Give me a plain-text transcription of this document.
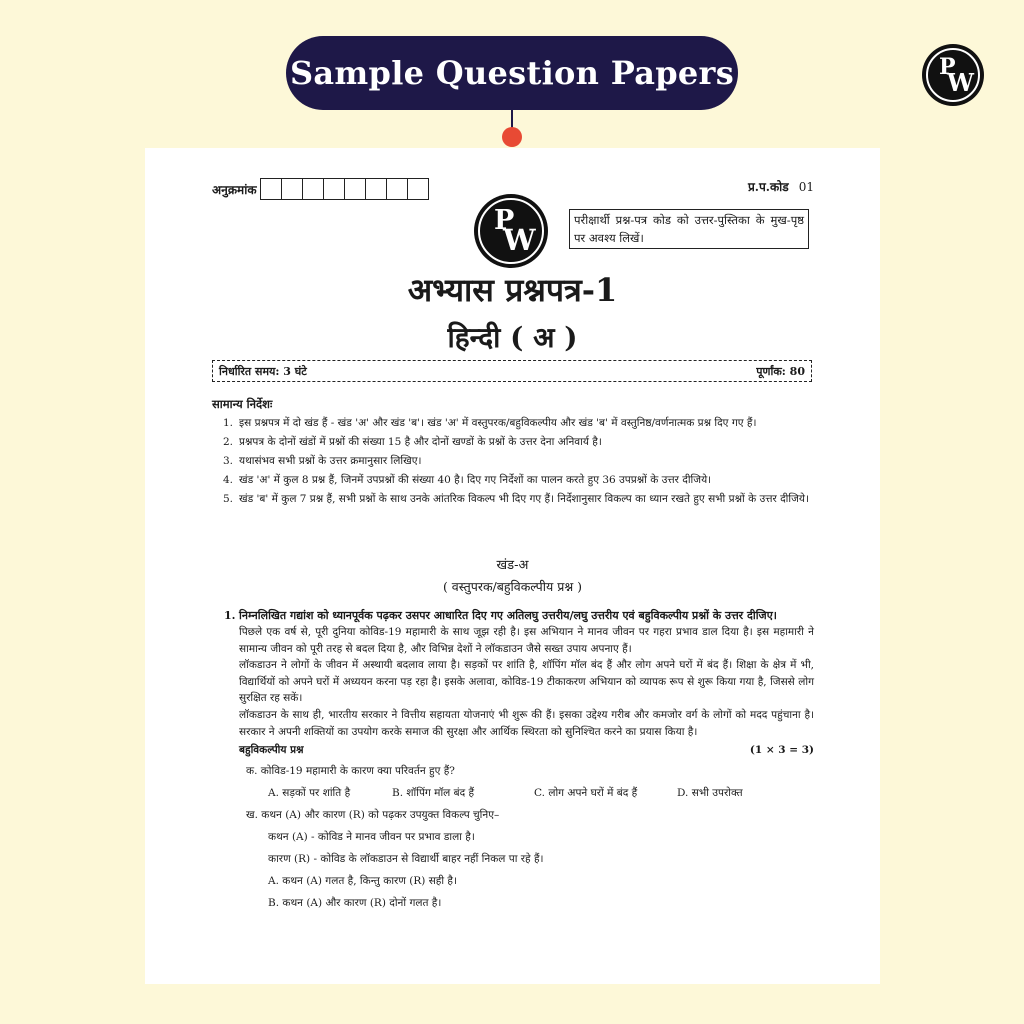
Sample Question Papers	P
W
अनुक्रमांक	प्र.प.कोड 01
P
W
परीक्षार्थी प्रश्न-पत्र कोड को उत्तर-पुस्तिका के मुख-पृष्ठ पर अवश्य लिखें।
अभ्यास प्रश्नपत्र-1
हिन्दी ( अ )
निर्धारित समय: 3 घंटे	पूर्णांक: 80
सामान्य निर्देशः
1. इस प्रश्नपत्र में दो खंड हैं - खंड 'अ' और खंड 'ब'। खंड 'अ' में वस्तुपरक/बहुविकल्पीय और खंड 'ब' में वस्तुनिष्ठ/वर्णनात्मक प्रश्न दिए गए हैं।
2. प्रश्नपत्र के दोनों खंडों में प्रश्नों की संख्या 15 है और दोनों खण्डों के प्रश्नों के उत्तर देना अनिवार्य है।
3. यथासंभव सभी प्रश्नों के उत्तर क्रमानुसार लिखिए।
4. खंड 'अ' में कुल 8 प्रश्न हैं, जिनमें उपप्रश्नों की संख्या 40 है। दिए गए निर्देशों का पालन करते हुए 36 उपप्रश्नों के उत्तर दीजिये।
5. खंड 'ब' में कुल 7 प्रश्न हैं, सभी प्रश्नों के साथ उनके आंतरिक विकल्प भी दिए गए हैं। निर्देशानुसार विकल्प का ध्यान रखते हुए सभी प्रश्नों के उत्तर दीजिये।
खंड-अ
( वस्तुपरक/बहुविकल्पीय प्रश्न )
1. निम्नलिखित गद्यांश को ध्यानपूर्वक पढ़कर उसपर आधारित दिए गए अतिलघु उत्तरीय/लघु उत्तरीय एवं बहुविकल्पीय प्रश्नों के उत्तर दीजिए।
पिछले एक वर्ष से, पूरी दुनिया कोविड-19 महामारी के साथ जूझ रही है। इस अभियान ने मानव जीवन पर गहरा प्रभाव डाल दिया है। इस महामारी ने सामान्य जीवन को पूरी तरह से बदल दिया है, और विभिन्न देशों ने लॉकडाउन जैसे सख्त उपाय अपनाए हैं।
लॉकडाउन ने लोगों के जीवन में अस्थायी बदलाव लाया है। सड़कों पर शांति है, शॉपिंग मॉल बंद हैं और लोग अपने घरों में बंद हैं। शिक्षा के क्षेत्र में भी, विद्यार्थियों को अपने घरों में अध्ययन करना पड़ रहा है। इसके अलावा, कोविड-19 टीकाकरण अभियान को व्यापक रूप से शुरू किया गया है, जिससे लोग सुरक्षित रह सकें।
लॉकडाउन के साथ ही, भारतीय सरकार ने वित्तीय सहायता योजनाएं भी शुरू की हैं। इसका उद्देश्य गरीब और कमजोर वर्ग के लोगों को मदद पहुंचाना है। सरकार ने अपनी शक्तियों का उपयोग करके समाज की सुरक्षा और आर्थिक स्थिरता को सुनिश्चित करने का प्रयास किया है।
बहुविकल्पीय प्रश्न	(1 × 3 = 3)
क. कोविड-19 महामारी के कारण क्या परिवर्तन हुए हैं?
A. सड़कों पर शांति है	B. शॉपिंग मॉल बंद हैं	C. लोग अपने घरों में बंद हैं	D. सभी उपरोक्त
ख. कथन (A) और कारण (R) को पढ़कर उपयुक्त विकल्प चुनिए–
कथन (A) - कोविड ने मानव जीवन पर प्रभाव डाला है।
कारण (R) - कोविड के लॉकडाउन से विद्यार्थी बाहर नहीं निकल पा रहे हैं।
A. कथन (A) गलत है, किन्तु कारण (R) सही है।
B. कथन (A) और कारण (R) दोनों गलत है।
